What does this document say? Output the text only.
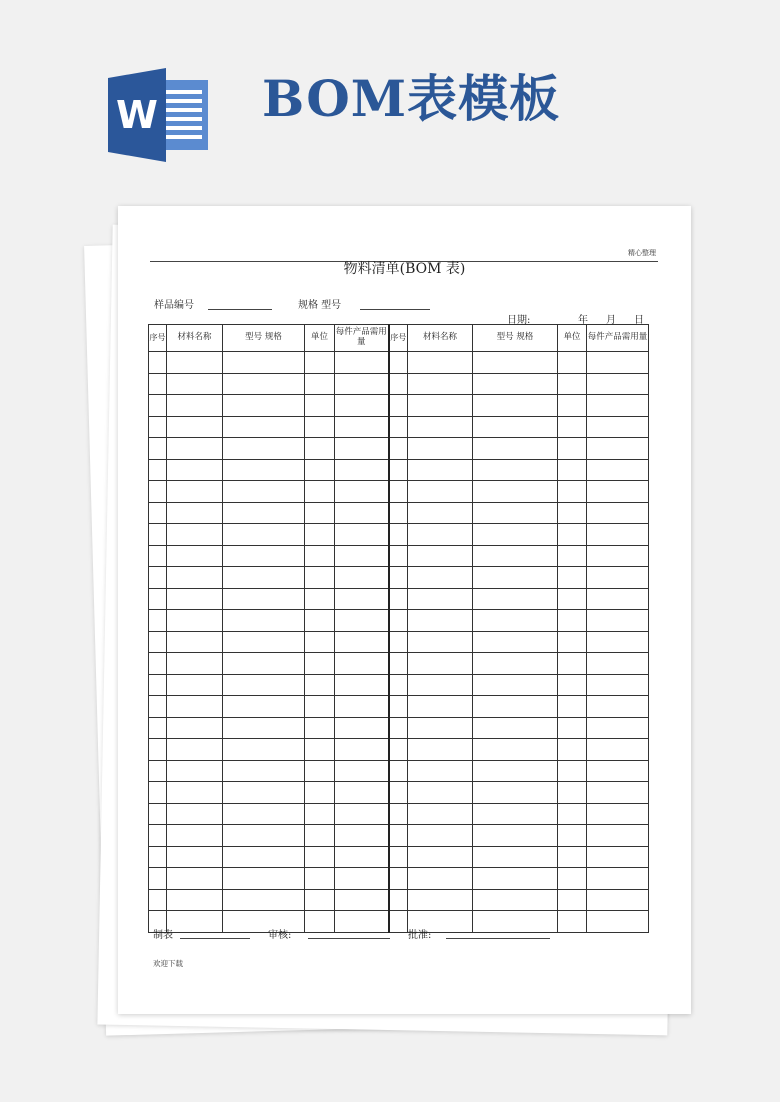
W BOM表模板
精心整理
物料清单(BOM 表)
样品编号	规格 型号
日期:	年 月 日
序号	材料名称	型号 规格	单位	每件产品需用量	序号	材料名称	型号 规格	单位	每件产品需用量

制表	审核:	批准:
欢迎下载
